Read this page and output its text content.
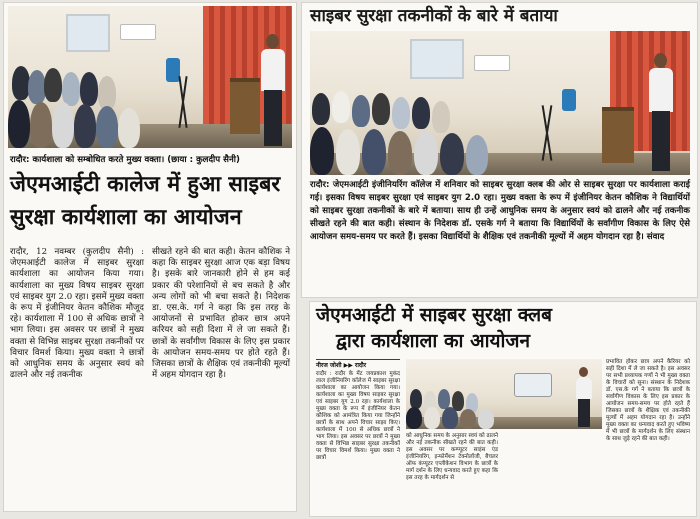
रादौर: कार्यशाला को सम्बोधित करते मुख्य वक्ता। (छाया : कुलदीप सैनी)
जेएमआईटी कालेज में हुआ साइबर
सुरक्षा कार्यशाला का आयोजन

रादौर, 12 नवम्बर (कुलदीप सैनी) : जेएमआईटी कालेज में साइबर सुरक्षा कार्यशाला का आयोजन किया गया। कार्यशाला का मुख्य विषय साइबर सुरक्षा एवं साइबर युग 2.0 रहा। इसमें मुख्य वक्ता के रूप में इंजीनियर केतन कौशिक मौजूद रहे। कार्यशाला में 100 से अधिक छात्रों ने भाग लिया। इस अवसर पर छात्रों ने मुख्य वक्ता से विभिन्न साइबर सुरक्षा तकनीकों पर विचार विमर्श किया। मुख्य वक्ता ने छात्रों को आधुनिक समय के अनुसार स्वयं को ढालने और नई तकनीक

सीखते रहने की बात कही। केतन कौशिक ने कहा कि साइबर सुरक्षा आज एक बड़ा विषय है। इसके बारे जानकारी होने से हम कई प्रकार की परेशानियों से बच सकते है और अन्य लोगों को भी बचा सकते है। निदेशक डा. एस.के. गर्ग ने कहा कि इस तरह के आयोजनों से प्रभावित होकर छात्र अपने करियर को सही दिशा में ले जा सकते हैं। छात्रों के सर्वांगीण विकास के लिए इस प्रकार के आयोजन समय-समय पर होते रहते हैं। जिसका छात्रों के शैक्षिक एवं तकनीकी मूल्यों में अहम योगदान रहा है।

साइबर सुरक्षा तकनीकों के बारे में बताया

रादौर: जेएमआईटी इंजीनियरिंग कॉलेज में शनिवार को साइबर सुरक्षा क्लब की ओर से साइबर सुरक्षा पर कार्यशाला कराई गई। इसका विषय साइबर सुरक्षा एवं साइबर युग 2.0 रहा। मुख्य वक्ता के रूप में इंजीनियर केतन कौशिक ने विद्यार्थियों को साइबर सुरक्षा तकनीकों के बारे में बताया। साथ ही उन्हें आधुनिक समय के अनुसार स्वयं को ढालने और नई तकनीक सीखते रहने की बात कही। संस्थान के निदेशक डॉ. एसके गर्ग ने बताया कि विद्यार्थियों के सर्वांगीण विकास के लिए ऐसे आयोजन समय-समय पर करते हैं। इसका विद्यार्थियों के शैक्षिक एवं तकनीकी मूल्यों में अहम योगदान रहा है। संवाद

जेएमआईटी में साइबर सुरक्षा क्लब
द्वारा कार्यशाला का आयोजन
नीरज जोशी ▶▶ रादौर

रादौर : रादौर के मेंट जयप्रकाश मुकंद लाल इंजीनियरिंग कॉलेज में साइबर सुरक्षा कार्यशाला का आयोजन किया गया। कार्यशाला का मुख्य विषय साइबर सुरक्षा एवं साइबर युग 2.0 रहा। कार्यशाला के मुख्य वक्ता के रूप में इंजीनियर केतन कौशिक को आमंत्रित किया गया जिन्होंने छात्रों के साथ अपने विचार साझा किए। कार्यशाला में 100 से अधिक छात्रों ने भाग लिया। इस अवसर पर छात्रों ने मुख्य वक्ता से विभिन्न साइबर सुरक्षा तकनीकों पर विचार विमर्श किया। मुख्य वक्ता ने छात्रों

को आधुनिक समय के अनुसार स्वयं को ढालने और नई तकनीक सीखते रहने की बात कही। इस अवसर पर कम्प्यूटर साइंस एंड इंजीनियरिंग, इन्फोर्मेशन टेक्नोलॉजी, बैचलर ऑफ कंप्यूटर एप्लीकेशन विभाग के छात्रों के मार्ग दर्शन के लिए धन्यवाद करते हुए कहा कि इस तरह के मार्गदर्शन से

प्रभावित होकर छात्र अपने कैरियर को सही दिशा में ले जा सकते है। इस अवसर पर सभी प्रध्यापक गणों ने भी मुख्य वक्ता के विचारों को सुना। संस्थान के निदेशक डॉ. एस.के गर्ग ने बताया कि छात्रों के सर्वांगीण विकास के लिए इस प्रकार के आयोजन समय-समय पर होते रहते हैं जिसका छात्रों के शैक्षिक एवं तकनीकी मूल्यों में अहम योगदान रहा है। उन्होंने मुख्य वक्ता का धन्यवाद करते हुए भविष्य में भी छात्रों के मार्गदर्शन के लिए संस्थान के साथ जुड़े रहने की बात कही।
